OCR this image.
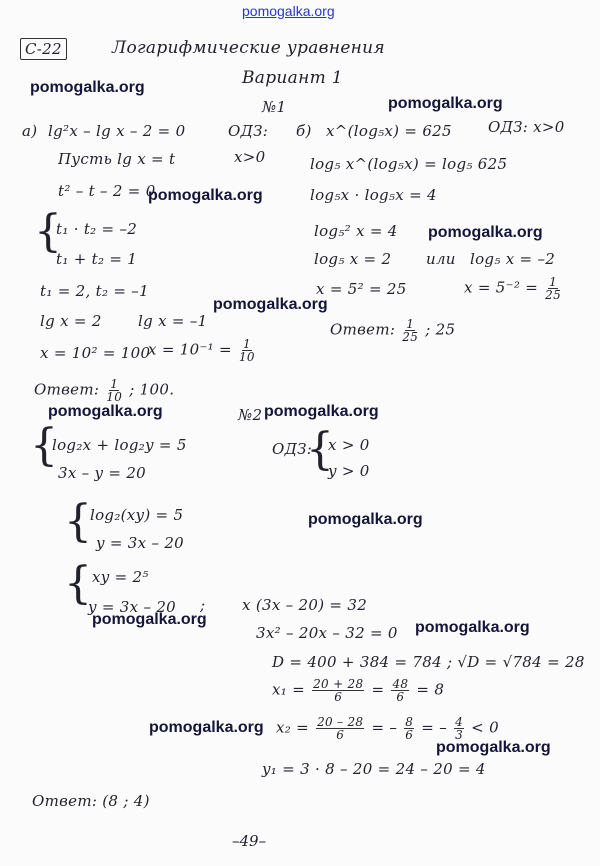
pomogalka.org
С-22	Логарифмические уравнения
Вариант 1
№1
а) lg²x – lg x – 2 = 0	ОДЗ:
x>0
Пусть lg x = t
t² – t – 2 = 0
{
t₁ · t₂ = –2
t₁ + t₂ = 1
t₁ = 2, t₂ = –1
lg x = 2 lg x = –1
x = 10² = 100
$x = 10^{-1} = \frac{1}{10}$
Ответ: $\frac{1}{10}$ ; 100.
б) x^(log₅x) = 625 ОДЗ: x>0
log₅ x^(log₅x) = log₅ 625
log₅x · log₅x = 4
log₅² x = 4
log₅ x = 2 или log₅ x = –2
x = 5² = 25	$x = 5^{-2} = \frac{1}{25}$
Ответ: $\frac{1}{25}$ ; 25
№2
{
log₂x + log₂y = 5
3x – y = 20
ОДЗ:
{
x > 0
y > 0
{
log₂(xy) = 5
y = 3x – 20
{ xy = 2⁵
y = 3x – 20 ; x (3x – 20) = 32
3x² – 20x – 32 = 0
D = 400 + 384 = 784 ; √D = √784 = 28
$x_1 = \frac{20 + 28}{6} = \frac{48}{6} = 8$
$x_2 = \frac{20 - 28}{6}$ = – $\frac{8}{6}$ = – $\frac{4}{3} < 0$
y₁ = 3 · 8 – 20 = 24 – 20 = 4
Ответ: (8 ; 4)
pomogalka.org
pomogalka.org
pomogalka.org
pomogalka.org
pomogalka.org
pomogalka.org	pomogalka.org
pomogalka.org
pomogalka.org	pomogalka.org
pomogalka.org
pomogalka.org
–49–
